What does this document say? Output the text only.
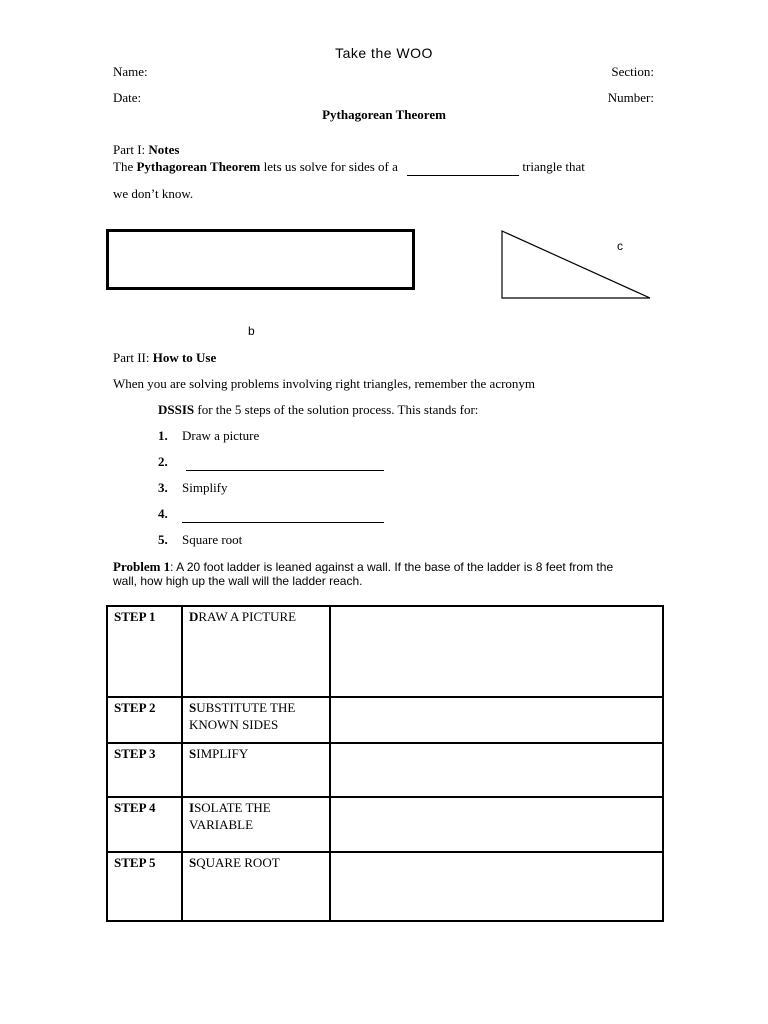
Take the WOO
Name:	Section:
Date:	Number:
Pythagorean Theorem
Part I: Notes
The Pythagorean Theorem lets us solve for sides of a	triangle that
we don’t know.
c
b
Part II: How to Use
When you are solving problems involving right triangles, remember the acronym
DSSIS for the 5 steps of the solution process. This stands for:
1. Draw a picture
2.
3. Simplify
4.
5. Square root
Problem 1: A 20 foot ladder is leaned against a wall. If the base of the ladder is 8 feet from the
wall, how high up the wall will the ladder reach.
STEP 1	DRAW A PICTURE	
STEP 2	SUBSTITUTE THE KNOWN SIDES	
STEP 3	SIMPLIFY	
STEP 4	ISOLATE THE VARIABLE	
STEP 5	SQUARE ROOT	
